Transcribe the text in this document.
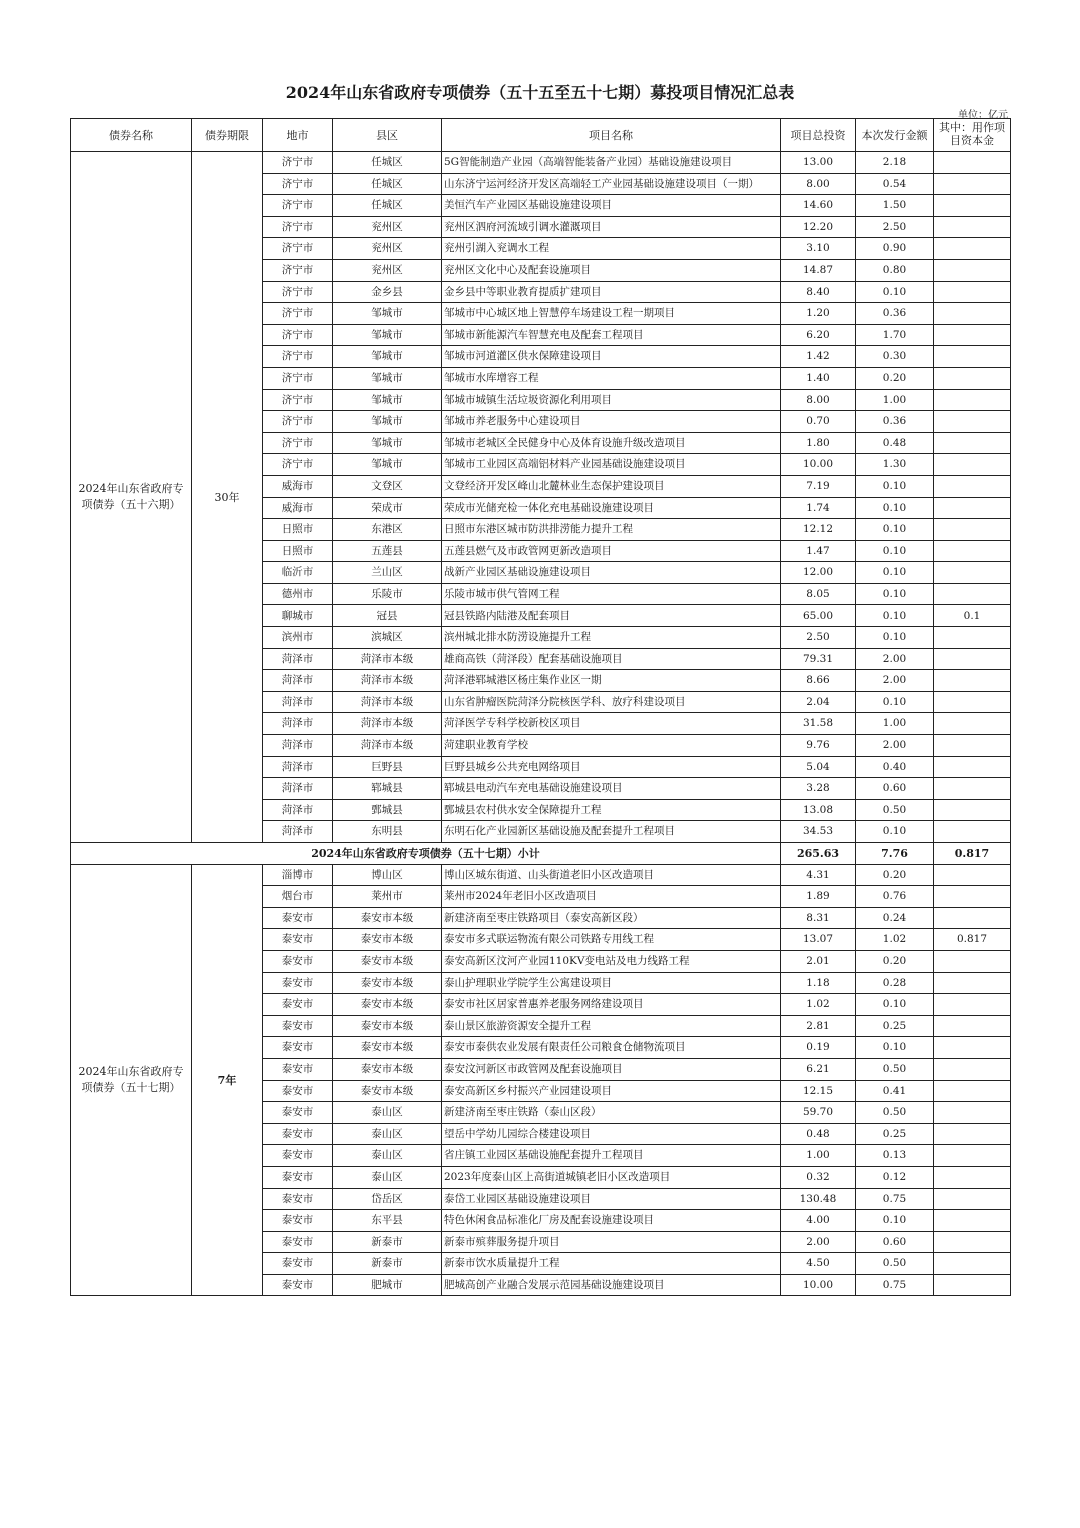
2024年山东省政府专项债券（五十五至五十七期）募投项目情况汇总表
单位：亿元
债券名称	债券期限	地市	县区	项目名称	项目总投资	本次发行金额	其中：用作项目资本金
2024年山东省政府专项债券（五十六期）	30年	济宁市	任城区	5G智能制造产业园（高端智能装备产业园）基础设施建设项目	13.00	2.18	
		济宁市	任城区	山东济宁运河经济开发区高端轻工产业园基础设施建设项目（一期）	8.00	0.54	
		济宁市	任城区	美恒汽车产业园区基础设施建设项目	14.60	1.50	
		济宁市	兖州区	兖州区泗府河流域引调水灌溉项目	12.20	2.50	
		济宁市	兖州区	兖州引湖入兖调水工程	3.10	0.90	
		济宁市	兖州区	兖州区文化中心及配套设施项目	14.87	0.80	
		济宁市	金乡县	金乡县中等职业教育提质扩建项目	8.40	0.10	
		济宁市	邹城市	邹城市中心城区地上智慧停车场建设工程一期项目	1.20	0.36	
		济宁市	邹城市	邹城市新能源汽车智慧充电及配套工程项目	6.20	1.70	
		济宁市	邹城市	邹城市河道灌区供水保障建设项目	1.42	0.30	
		济宁市	邹城市	邹城市水库增容工程	1.40	0.20	
		济宁市	邹城市	邹城市城镇生活垃圾资源化利用项目	8.00	1.00	
		济宁市	邹城市	邹城市养老服务中心建设项目	0.70	0.36	
		济宁市	邹城市	邹城市老城区全民健身中心及体育设施升级改造项目	1.80	0.48	
		济宁市	邹城市	邹城市工业园区高端铝材料产业园基础设施建设项目	10.00	1.30	
		威海市	文登区	文登经济开发区峰山北麓林业生态保护建设项目	7.19	0.10	
		威海市	荣成市	荣成市光储充检一体化充电基础设施建设项目	1.74	0.10	
		日照市	东港区	日照市东港区城市防洪排涝能力提升工程	12.12	0.10	
		日照市	五莲县	五莲县燃气及市政管网更新改造项目	1.47	0.10	
		临沂市	兰山区	战新产业园区基础设施建设项目	12.00	0.10	
		德州市	乐陵市	乐陵市城市供气管网工程	8.05	0.10	
		聊城市	冠县	冠县铁路内陆港及配套项目	65.00	0.10	0.1
		滨州市	滨城区	滨州城北排水防涝设施提升工程	2.50	0.10	
		菏泽市	菏泽市本级	雄商高铁（菏泽段）配套基础设施项目	79.31	2.00	
		菏泽市	菏泽市本级	菏泽港郓城港区杨庄集作业区一期	8.66	2.00	
		菏泽市	菏泽市本级	山东省肿瘤医院菏泽分院核医学科、放疗科建设项目	2.04	0.10	
		菏泽市	菏泽市本级	菏泽医学专科学校新校区项目	31.58	1.00	
		菏泽市	菏泽市本级	菏建职业教育学校	9.76	2.00	
		菏泽市	巨野县	巨野县城乡公共充电网络项目	5.04	0.40	
		菏泽市	郓城县	郓城县电动汽车充电基础设施建设项目	3.28	0.60	
		菏泽市	鄄城县	鄄城县农村供水安全保障提升工程	13.08	0.50	
		菏泽市	东明县	东明石化产业园新区基础设施及配套提升工程项目	34.53	0.10	
2024年山东省政府专项债券（五十七期）小计					265.63	7.76	0.817
2024年山东省政府专项债券（五十七期）	7年	淄博市	博山区	博山区城东街道、山头街道老旧小区改造项目	4.31	0.20	
		烟台市	莱州市	莱州市2024年老旧小区改造项目	1.89	0.76	
		泰安市	泰安市本级	新建济南至枣庄铁路项目（泰安高新区段）	8.31	0.24	
		泰安市	泰安市本级	泰安市多式联运物流有限公司铁路专用线工程	13.07	1.02	0.817
		泰安市	泰安市本级	泰安高新区汶河产业园110KV变电站及电力线路工程	2.01	0.20	
		泰安市	泰安市本级	泰山护理职业学院学生公寓建设项目	1.18	0.28	
		泰安市	泰安市本级	泰安市社区居家普惠养老服务网络建设项目	1.02	0.10	
		泰安市	泰安市本级	泰山景区旅游资源安全提升工程	2.81	0.25	
		泰安市	泰安市本级	泰安市泰供农业发展有限责任公司粮食仓储物流项目	0.19	0.10	
		泰安市	泰安市本级	泰安汶河新区市政管网及配套设施项目	6.21	0.50	
		泰安市	泰安市本级	泰安高新区乡村振兴产业园建设项目	12.15	0.41	
		泰安市	泰山区	新建济南至枣庄铁路（泰山区段）	59.70	0.50	
		泰安市	泰山区	望岳中学幼儿园综合楼建设项目	0.48	0.25	
		泰安市	泰山区	省庄镇工业园区基础设施配套提升工程项目	1.00	0.13	
		泰安市	泰山区	2023年度泰山区上高街道城镇老旧小区改造项目	0.32	0.12	
		泰安市	岱岳区	泰岱工业园区基础设施建设项目	130.48	0.75	
		泰安市	东平县	特色休闲食品标准化厂房及配套设施建设项目	4.00	0.10	
		泰安市	新泰市	新泰市殡葬服务提升项目	2.00	0.60	
		泰安市	新泰市	新泰市饮水质量提升工程	4.50	0.50	
		泰安市	肥城市	肥城高创产业融合发展示范园基础设施建设项目	10.00	0.75	
